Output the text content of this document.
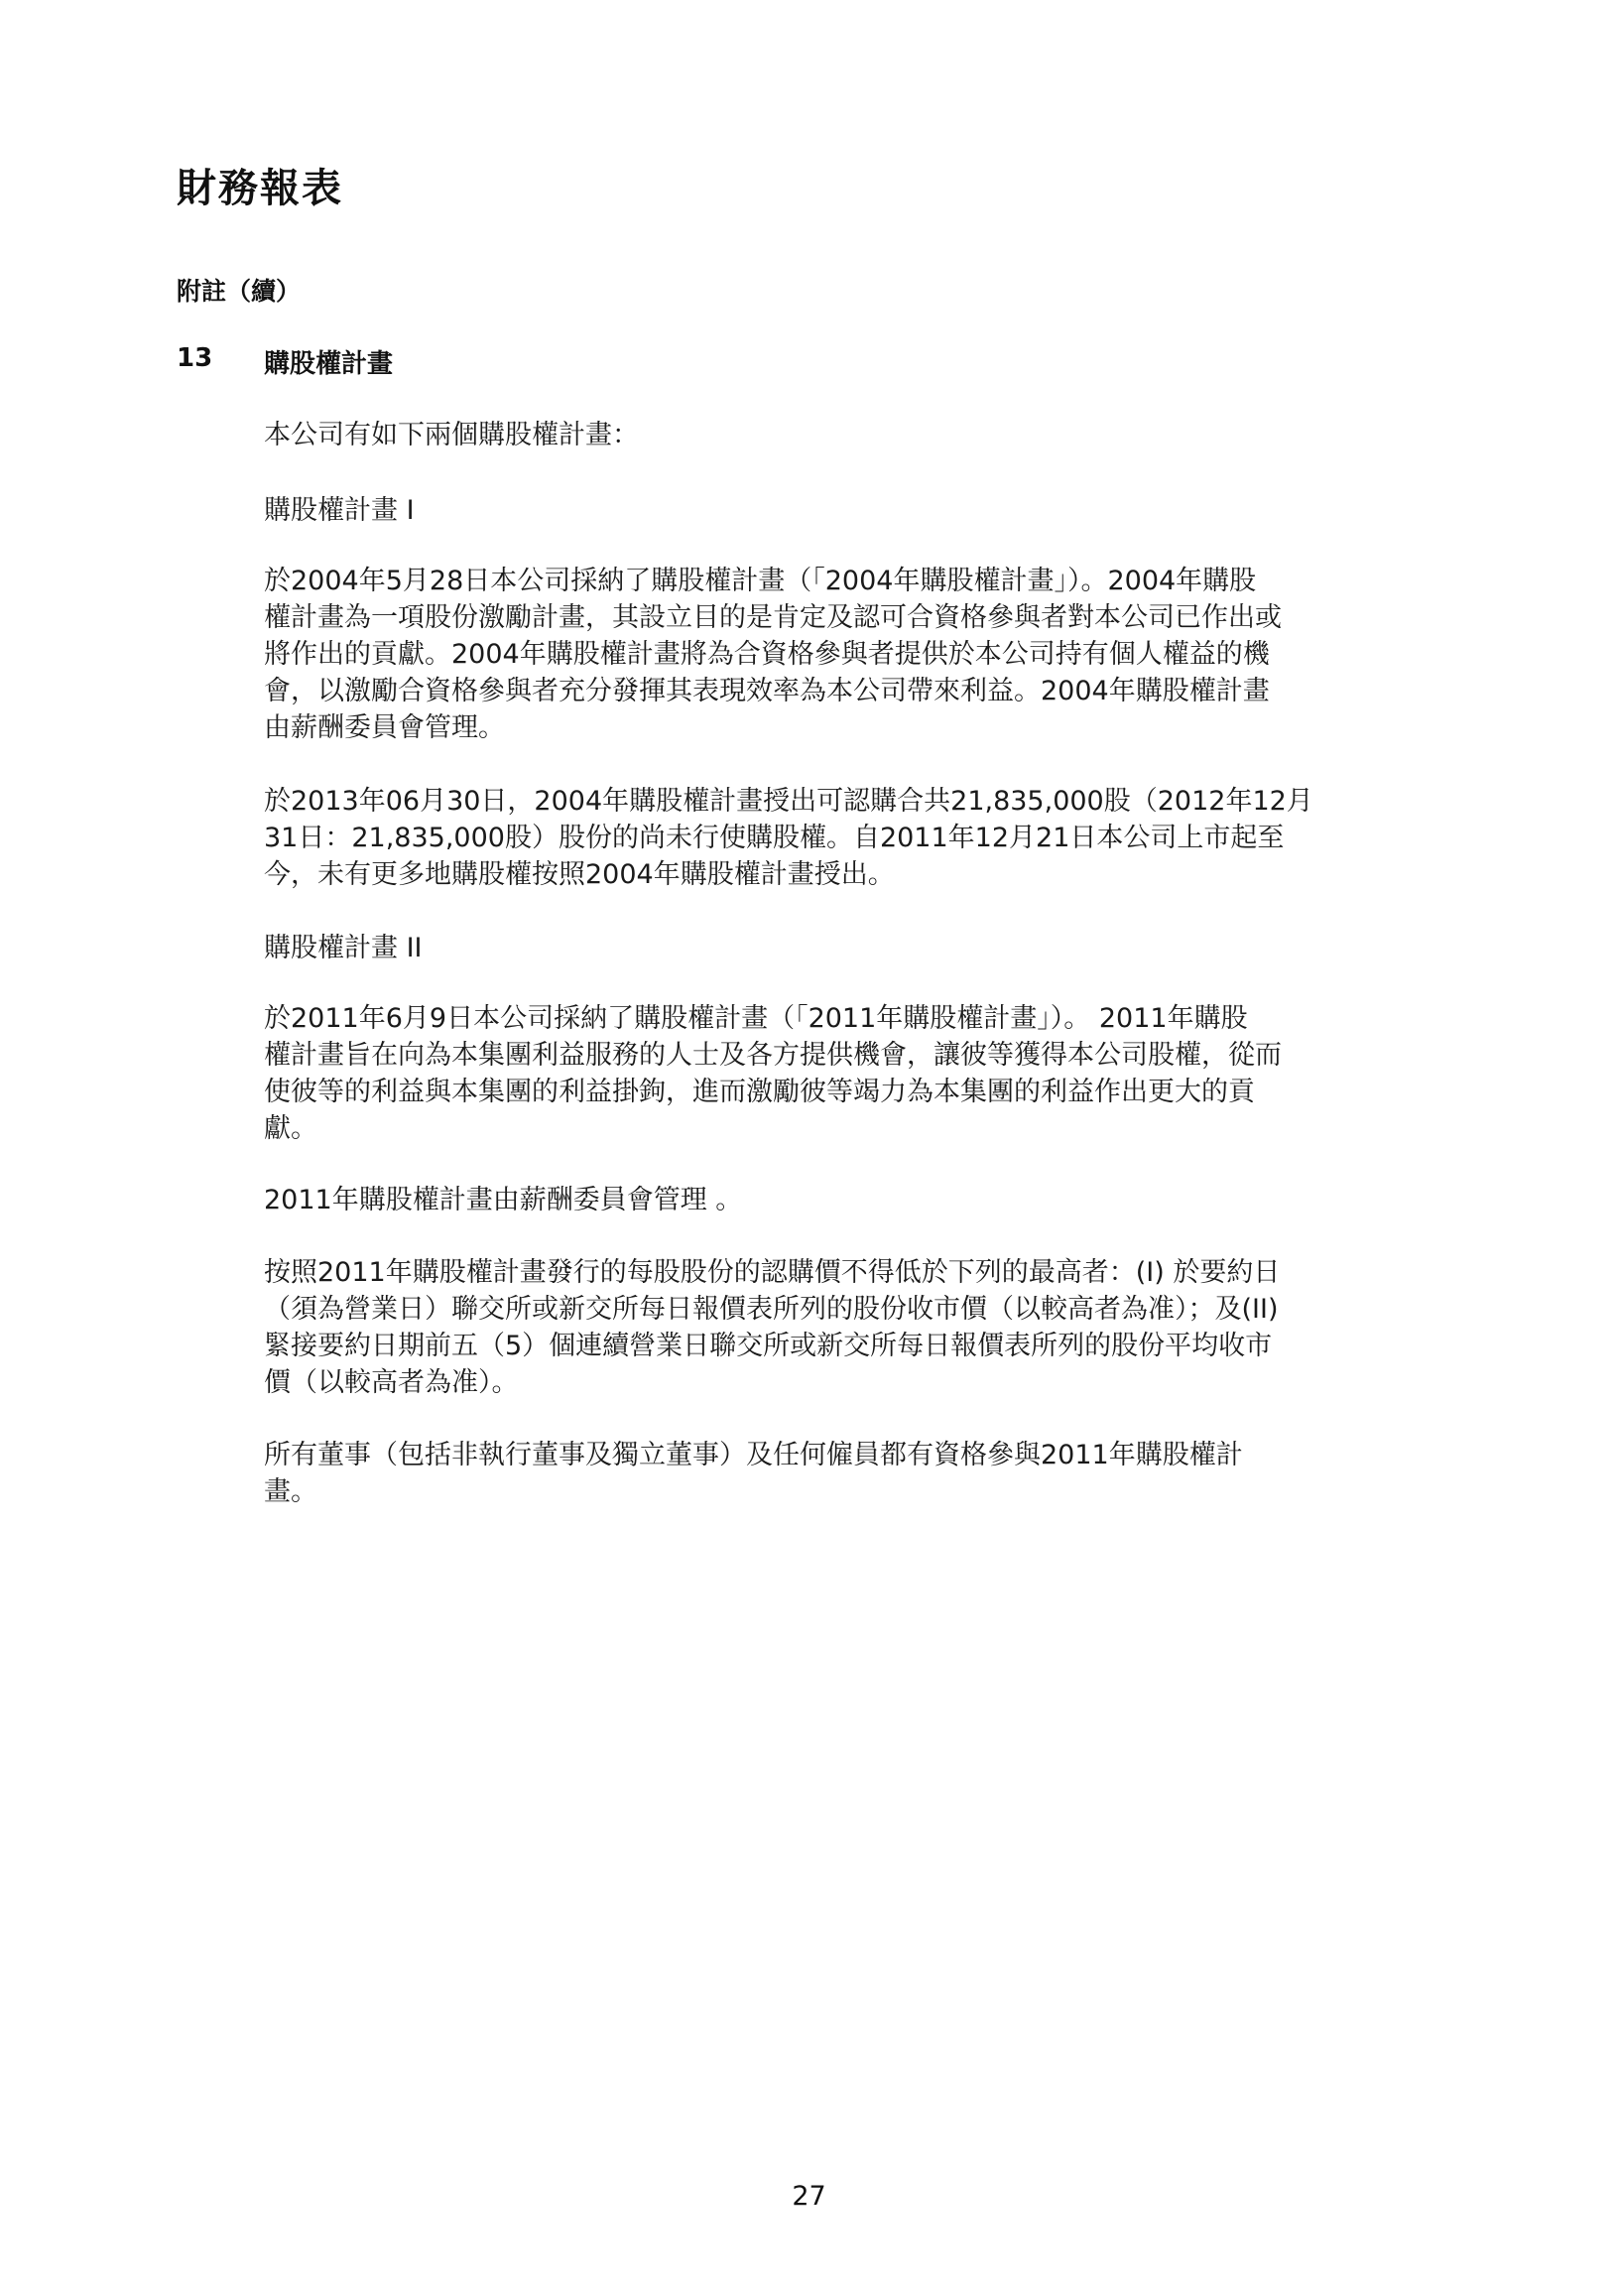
財務報表
附註（續）
13 購股權計畫
本公司有如下兩個購股權計畫：
購股權計畫 I
於2004年5月28日本公司採納了購股權計畫（「2004年購股權計畫」）。2004年購股
權計畫為一項股份激勵計畫，其設立目的是肯定及認可合資格參與者對本公司已作出或
將作出的貢獻。2004年購股權計畫將為合資格參與者提供於本公司持有個人權益的機
會，以激勵合資格參與者充分發揮其表現效率為本公司帶來利益。2004年購股權計畫
由薪酬委員會管理。
於2013年06月30日，2004年購股權計畫授出可認購合共21,835,000股（2012年12月
31日：21,835,000股）股份的尚未行使購股權。自2011年12月21日本公司上市起至
今，未有更多地購股權按照2004年購股權計畫授出。
購股權計畫 II
於2011年6月9日本公司採納了購股權計畫（「2011年購股權計畫」）。 2011年購股
權計畫旨在向為本集團利益服務的人士及各方提供機會，讓彼等獲得本公司股權，從而
使彼等的利益與本集團的利益掛鉤，進而激勵彼等竭力為本集團的利益作出更大的貢
獻。
2011年購股權計畫由薪酬委員會管理 。
按照2011年購股權計畫發行的每股股份的認購價不得低於下列的最高者：(I) 於要約日
（須為營業日）聯交所或新交所每日報價表所列的股份收市價（以較高者為准）；及(II)
緊接要約日期前五（5）個連續營業日聯交所或新交所每日報價表所列的股份平均收市
價（以較高者為准）。
所有董事（包括非執行董事及獨立董事）及任何僱員都有資格參與2011年購股權計
畫。
27
